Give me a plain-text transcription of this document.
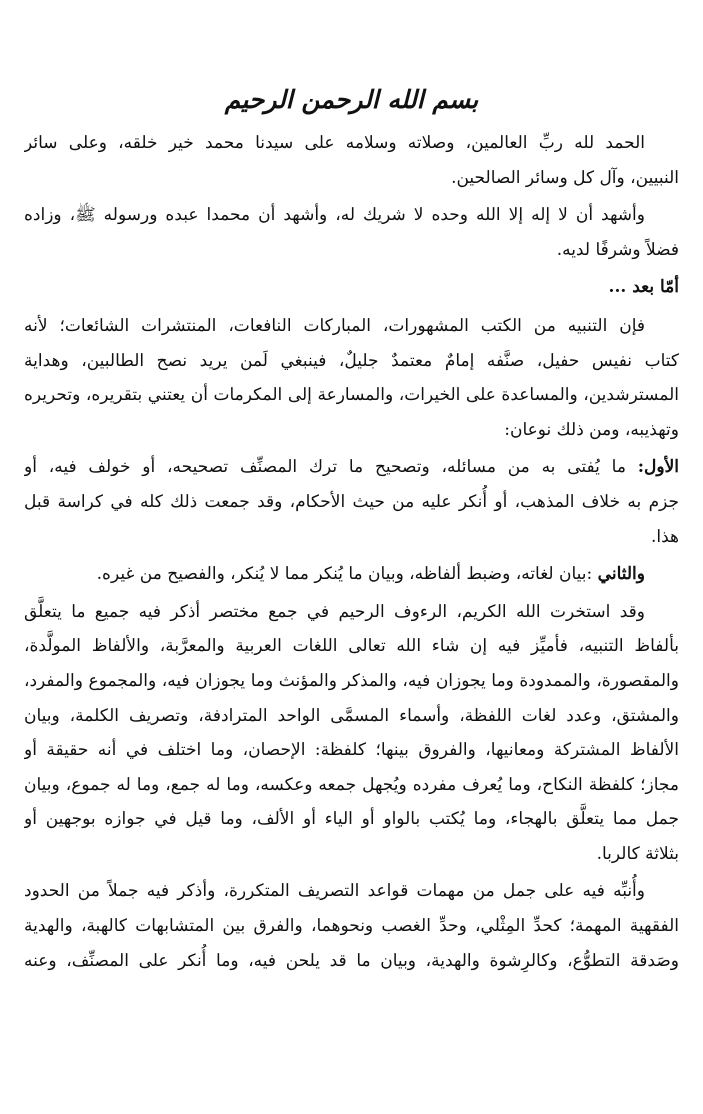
بسم الله الرحمن الرحيم
الحمد لله ربِّ العالمين، وصلاته وسلامه على سيدنا محمد خير خلقه، وعلى سائر
النبيين، وآل كل وسائر الصالحين.
وأشهد أن لا إله إلا الله وحده لا شريك له، وأشهد أن محمدا عبده ورسوله ﷺ، وزاده
فضلاً وشرفًا لديه.
أمّا بعد ...
فإن التنبيه من الكتب المشهورات، المباركات النافعات، المنتشرات الشائعات؛ لأنه
كتاب نفيس حفيل، صنَّفه إمامٌ معتمدٌ جليلٌ، فينبغي لَمن يريد نصح الطالبين، وهداية
المسترشدين، والمساعدة على الخيرات، والمسارعة إلى المكرمات أن يعتني بتقريره، وتحريره
وتهذيبه، ومن ذلك نوعان:
الأول: ما يُفتى به من مسائله، وتصحيح ما ترك المصنِّف تصحيحه، أو خولف فيه، أو
جزم به خلاف المذهب، أو أُنكر عليه من حيث الأحكام، وقد جمعت ذلك كله في كراسة قبل
هذا.
والثاني :بيان لغاته، وضبط ألفاظه، وبيان ما يُنكر مما لا يُنكر، والفصيح من غيره.
وقد استخرت الله الكريم، الرءوف الرحيم في جمع مختصر أذكر فيه جميع ما يتعلَّق
بألفاظ التنبيه، فأميِّز فيه إن شاء الله تعالى اللغات العربية والمعرَّبة، والألفاظ المولَّدة،
والمقصورة، والممدودة وما يجوزان فيه، والمذكر والمؤنث وما يجوزان فيه، والمجموع والمفرد،
والمشتق، وعدد لغات اللفظة، وأسماء المسمَّى الواحد المترادفة، وتصريف الكلمة، وبيان
الألفاظ المشتركة ومعانيها، والفروق بينها؛ كلفظة: الإحصان، وما اختلف في أنه حقيقة أو
مجاز؛ كلفظة النكاح، وما يُعرف مفرده ويُجهل جمعه وعكسه، وما له جمع، وما له جموع، وبيان
جمل مما يتعلَّق بالهجاء، وما يُكتب بالواو أو الياء أو الألف، وما قيل في جوازه بوجهين أو
بثلاثة كالربا.
وأُنبِّه فيه على جمل من مهمات قواعد التصريف المتكررة، وأذكر فيه جملاً من الحدود
الفقهية المهمة؛ كحدِّ المِثْلي، وحدِّ الغصب ونحوهما، والفرق بين المتشابهات كالهبة، والهدية
وصَدقة التطوُّع، وكالرِشوة والهدية، وبيان ما قد يلحن فيه، وما أُنكر على المصنِّف، وعنه
